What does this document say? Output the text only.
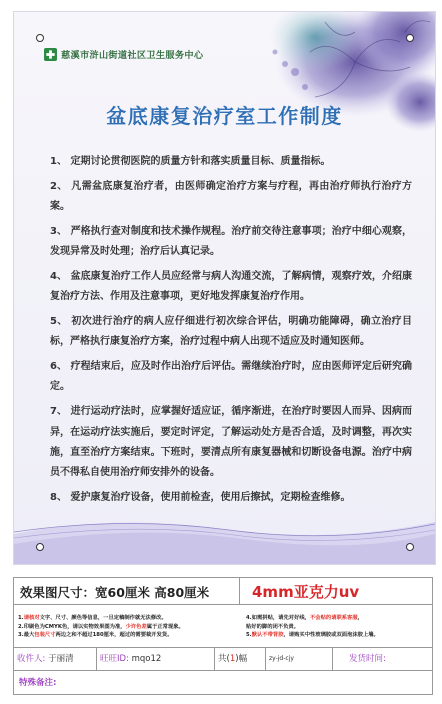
慈溪市浒山街道社区卫生服务中心
盆底康复治疗室工作制度
1、 定期讨论贯彻医院的质量方针和落实质量目标、质量指标。
2、 凡需盆底康复治疗者，由医师确定治疗方案与疗程，再由治疗师执行治疗方案。
3、 严格执行查对制度和技术操作规程。治疗前交待注意事项；治疗中细心观察，发现异常及时处理；治疗后认真记录。
4、 盆底康复治疗工作人员应经常与病人沟通交流，了解病情，观察疗效，介绍康复治疗方法、作用及注意事项，更好地发挥康复治疗作用。
5、 初次进行治疗的病人应仔细进行初次综合评估，明确功能障碍，确立治疗目标，严格执行康复治疗方案，治疗过程中病人出现不适应及时通知医师。
6、 疗程结束后，应及时作出治疗后评估。需继续治疗时，应由医师评定后研究确定。
7、 进行运动疗法时，应掌握好适应证，循序渐进，在治疗时要因人而异、因病而异，在运动疗法实施后，要定时评定，了解运动处方是否合适，及时调整，再次实施，直至治疗方案结束。下班时，要清点所有康复器械和切断设备电源。治疗中病员不得私自使用治疗师安排外的设备。
8、 爱护康复治疗设备，使用前检查，使用后擦拭，定期检查维修。
效果图尺寸：宽60厘米 高80厘米	4mm亚克力uv
1.请核对文字、尺寸、颜色等信息，一旦定稿制作就无法修改。
2.印刷色为CMYK色，请以实物效果图为准，少许色差属于正常现象。
3.最大包装尺寸两边之和不超过180厘米，超过的需要裁开发货。
4.如需拼贴，请先对好线，不会贴的请联系客服，
贴好的脚的闭不负责。
5.默认不带背胶，请购买中性玻璃胶或双面泡沫胶上墙。
收件人: 于丽清	旺旺ID: mqo12	共(1)幅	zy-jd-cjy	发货时间:
特殊备注:
